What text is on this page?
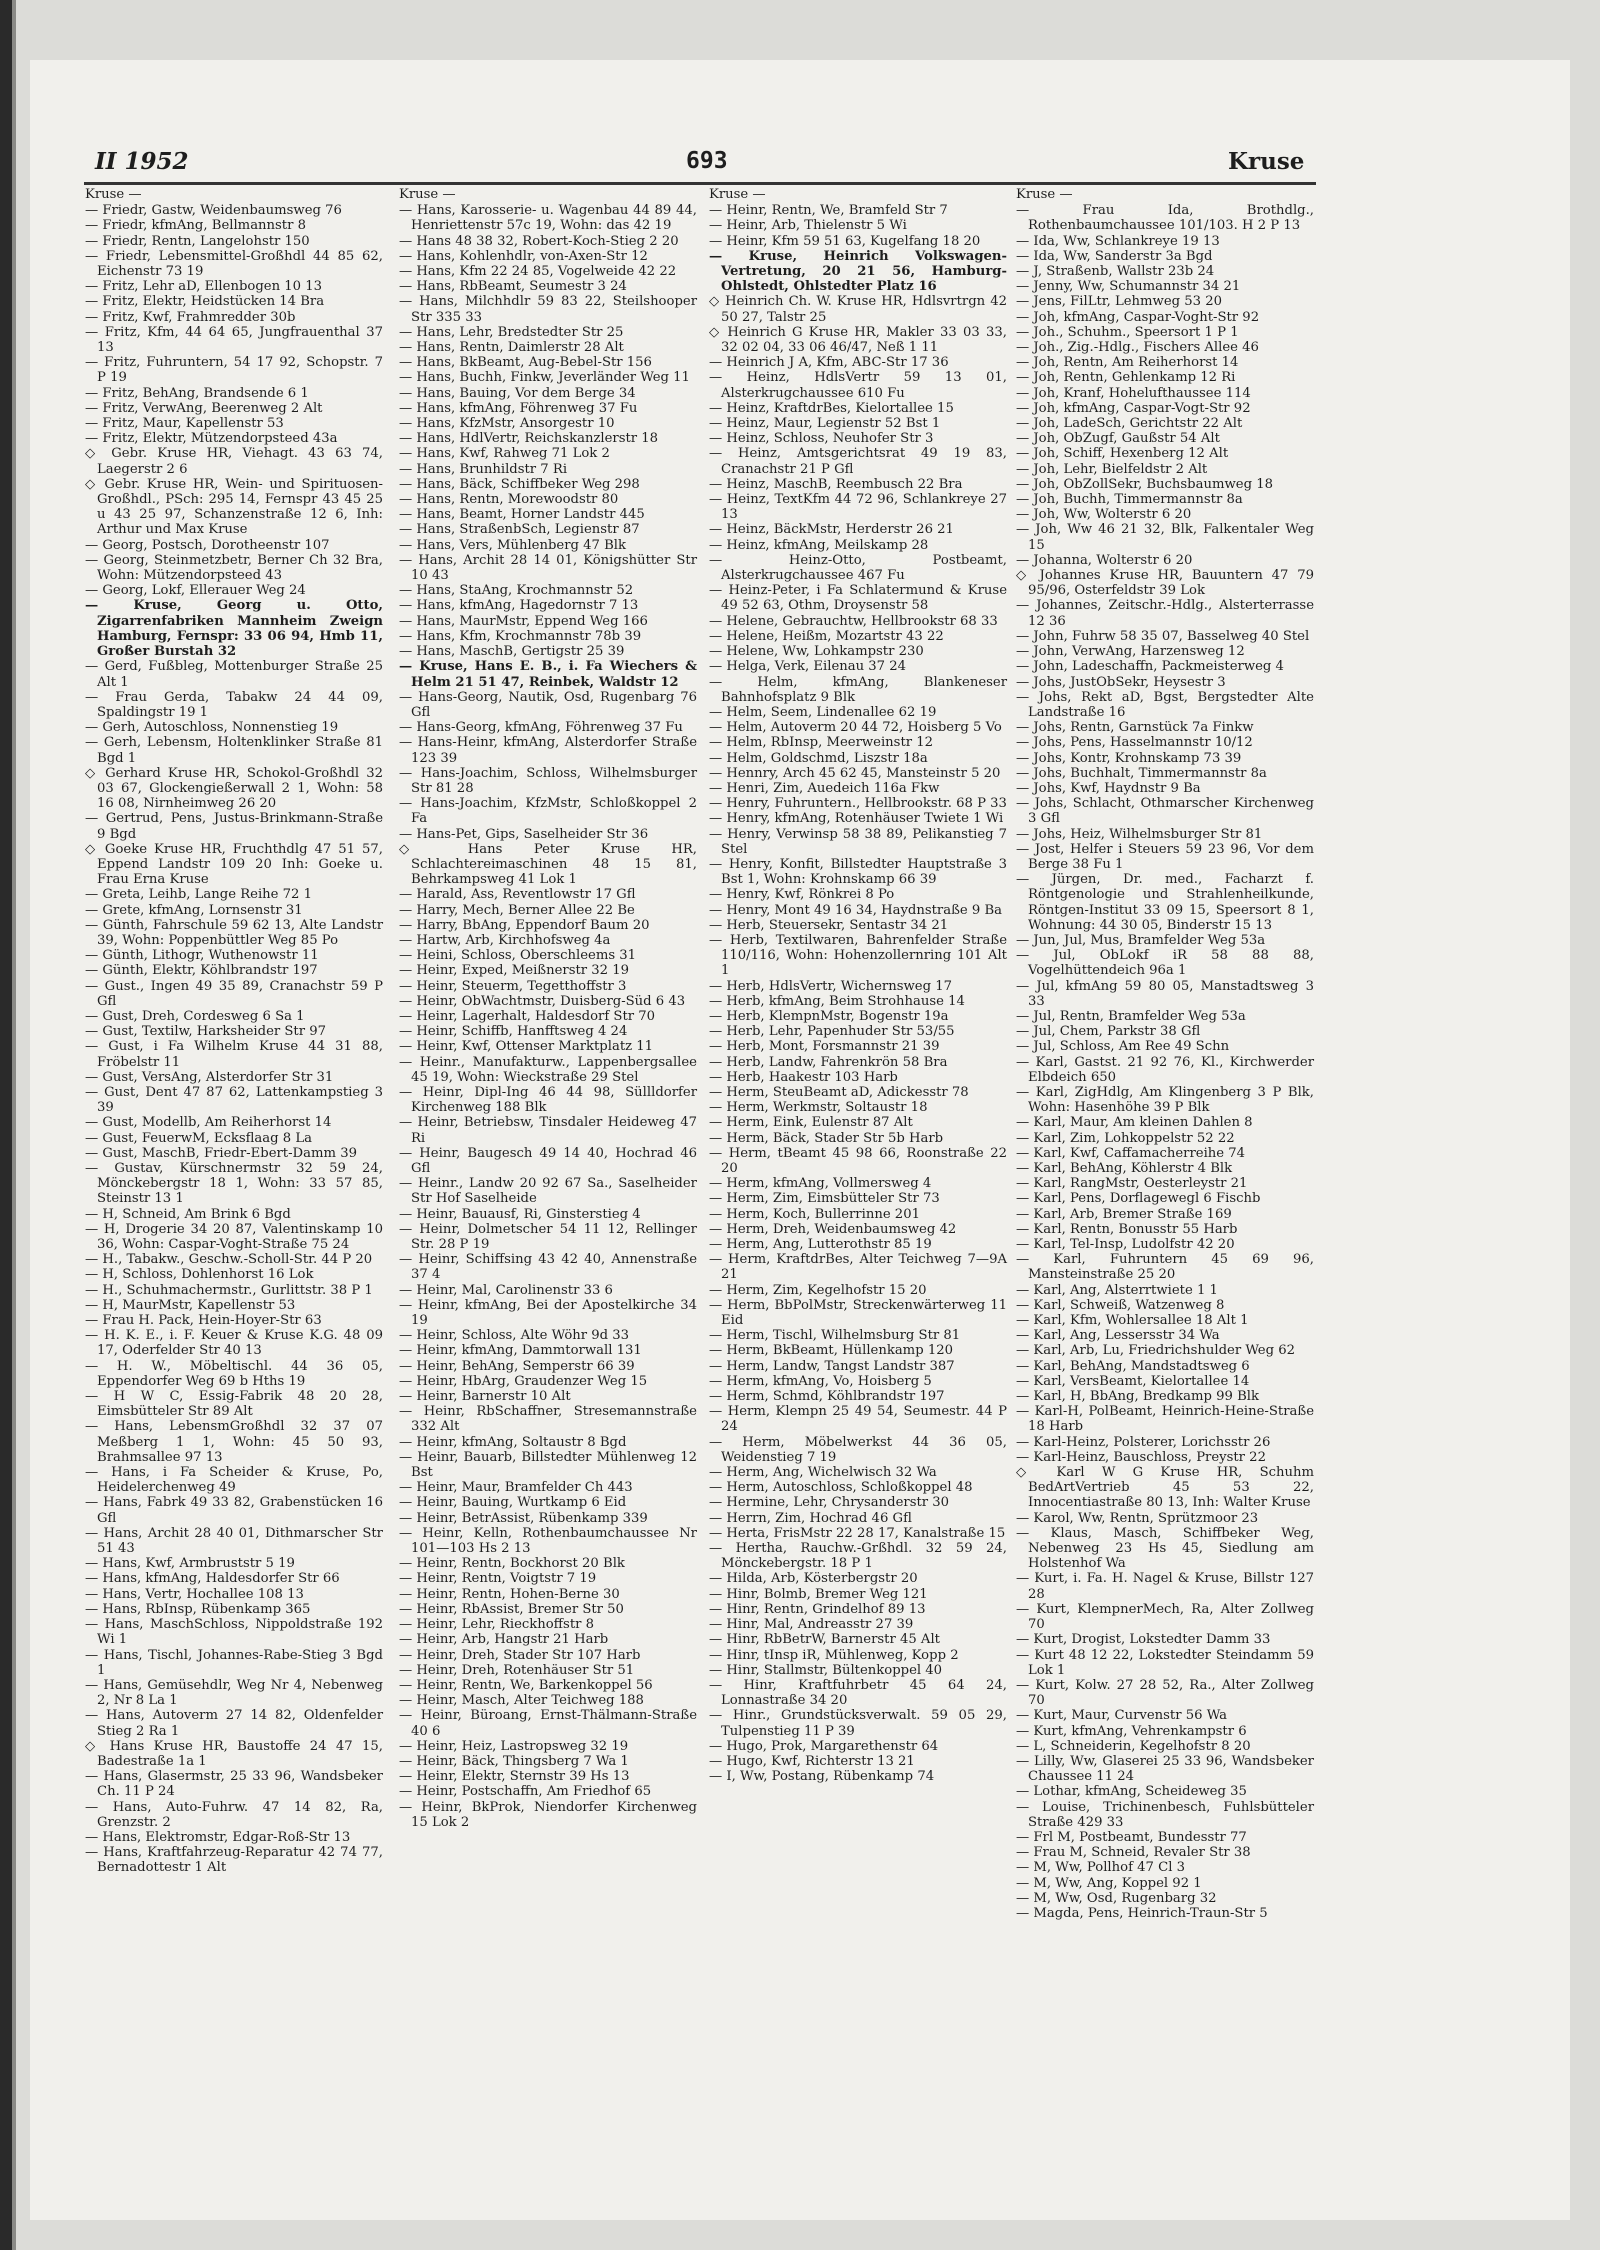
II 1952	693	Kruse
Kruse —
— Friedr, Gastw, Weidenbaumsweg 76
— Friedr, kfmAng, Bellmannstr 8
— Friedr, Rentn, Langelohstr 150
— Friedr, Lebensmittel-Großhdl 44 85 62, Eichenstr 73 19
— Fritz, Lehr aD, Ellenbogen 10 13
— Fritz, Elektr, Heidstücken 14 Bra
— Fritz, Kwf, Frahmredder 30b
— Fritz, Kfm, 44 64 65, Jungfrauenthal 37 13
— Fritz, Fuhruntern, 54 17 92, Schopstr. 7 P 19
— Fritz, BehAng, Brandsende 6 1
— Fritz, VerwAng, Beerenweg 2 Alt
— Fritz, Maur, Kapellenstr 53
— Fritz, Elektr, Mützendorpsteed 43a
◇ Gebr. Kruse HR, Viehagt. 43 63 74, Laegerstr 2 6
◇ Gebr. Kruse HR, Wein- und Spirituosen-Großhdl., PSch: 295 14, Fernspr 43 45 25 u 43 25 97, Schanzenstraße 12 6, Inh: Arthur und Max Kruse
— Georg, Postsch, Dorotheenstr 107
— Georg, Steinmetzbetr, Berner Ch 32 Bra, Wohn: Mützendorpsteed 43
— Georg, Lokf, Ellerauer Weg 24
— Kruse, Georg u. Otto, Zigarrenfabriken Mannheim Zweign Hamburg, Fernspr: 33 06 94, Hmb 11, Großer Burstah 32
— Gerd, Fußbleg, Mottenburger Straße 25 Alt 1
— Frau Gerda, Tabakw 24 44 09, Spaldingstr 19 1
— Gerh, Autoschloss, Nonnenstieg 19
— Gerh, Lebensm, Holtenklinker Straße 81 Bgd 1
◇ Gerhard Kruse HR, Schokol-Großhdl 32 03 67, Glockengießerwall 2 1, Wohn: 58 16 08, Nirnheimweg 26 20
— Gertrud, Pens, Justus-Brinkmann-Straße 9 Bgd
◇ Goeke Kruse HR, Fruchthdlg 47 51 57, Eppend Landstr 109 20 Inh: Goeke u. Frau Erna Kruse
— Greta, Leihb, Lange Reihe 72 1
— Grete, kfmAng, Lornsenstr 31
— Günth, Fahrschule 59 62 13, Alte Landstr 39, Wohn: Poppenbüttler Weg 85 Po
— Günth, Lithogr, Wuthenowstr 11
— Günth, Elektr, Köhlbrandstr 197
— Gust., Ingen 49 35 89, Cranachstr 59 P Gfl
— Gust, Dreh, Cordesweg 6 Sa 1
— Gust, Textilw, Harksheider Str 97
— Gust, i Fa Wilhelm Kruse 44 31 88, Fröbelstr 11
— Gust, VersAng, Alsterdorfer Str 31
— Gust, Dent 47 87 62, Lattenkampstieg 3 39
— Gust, Modellb, Am Reiherhorst 14
— Gust, FeuerwM, Ecksflaag 8 La
— Gust, MaschB, Friedr-Ebert-Damm 39
— Gustav, Kürschnermstr 32 59 24, Mönckebergstr 18 1, Wohn: 33 57 85, Steinstr 13 1
— H, Schneid, Am Brink 6 Bgd
— H, Drogerie 34 20 87, Valentinskamp 10 36, Wohn: Caspar-Voght-Straße 75 24
— H., Tabakw., Geschw.-Scholl-Str. 44 P 20
— H, Schloss, Dohlenhorst 16 Lok
— H., Schuhmachermstr., Gurlittstr. 38 P 1
— H, MaurMstr, Kapellenstr 53
— Frau H. Pack, Hein-Hoyer-Str 63
— H. K. E., i. F. Keuer & Kruse K.G. 48 09 17, Oderfelder Str 40 13
— H. W., Möbeltischl. 44 36 05, Eppendorfer Weg 69 b Hths 19
— H W C, Essig-Fabrik 48 20 28, Eimsbütteler Str 89 Alt
— Hans, LebensmGroßhdl 32 37 07 Meßberg 1 1, Wohn: 45 50 93, Brahmsallee 97 13
— Hans, i Fa Scheider & Kruse, Po, Heidelerchenweg 49
— Hans, Fabrk 49 33 82, Grabenstücken 16 Gfl
— Hans, Archit 28 40 01, Dithmarscher Str 51 43
— Hans, Kwf, Armbruststr 5 19
— Hans, kfmAng, Haldesdorfer Str 66
— Hans, Vertr, Hochallee 108 13
— Hans, RbInsp, Rübenkamp 365
— Hans, MaschSchloss, Nippoldstraße 192 Wi 1
— Hans, Tischl, Johannes-Rabe-Stieg 3 Bgd 1
— Hans, Gemüsehdlr, Weg Nr 4, Nebenweg 2, Nr 8 La 1
— Hans, Autoverm 27 14 82, Oldenfelder Stieg 2 Ra 1
◇ Hans Kruse HR, Baustoffe 24 47 15, Badestraße 1a 1
— Hans, Glasermstr, 25 33 96, Wandsbeker Ch. 11 P 24
— Hans, Auto-Fuhrw. 47 14 82, Ra, Grenzstr. 2
— Hans, Elektromstr, Edgar-Roß-Str 13
— Hans, Kraftfahrzeug-Reparatur 42 74 77, Bernadottestr 1 Alt
Kruse —
— Hans, Karosserie- u. Wagenbau 44 89 44, Henriettenstr 57c 19, Wohn: das 42 19
— Hans 48 38 32, Robert-Koch-Stieg 2 20
— Hans, Kohlenhdlr, von-Axen-Str 12
— Hans, Kfm 22 24 85, Vogelweide 42 22
— Hans, RbBeamt, Seumestr 3 24
— Hans, Milchhdlr 59 83 22, Steilshooper Str 335 33
— Hans, Lehr, Bredstedter Str 25
— Hans, Rentn, Daimlerstr 28 Alt
— Hans, BkBeamt, Aug-Bebel-Str 156
— Hans, Buchh, Finkw, Jeverländer Weg 11
— Hans, Bauing, Vor dem Berge 34
— Hans, kfmAng, Föhrenweg 37 Fu
— Hans, KfzMstr, Ansorgestr 10
— Hans, HdlVertr, Reichskanzlerstr 18
— Hans, Kwf, Rahweg 71 Lok 2
— Hans, Brunhildstr 7 Ri
— Hans, Bäck, Schiffbeker Weg 298
— Hans, Rentn, Morewoodstr 80
— Hans, Beamt, Horner Landstr 445
— Hans, StraßenbSch, Legienstr 87
— Hans, Vers, Mühlenberg 47 Blk
— Hans, Archit 28 14 01, Königshütter Str 10 43
— Hans, StaAng, Krochmannstr 52
— Hans, kfmAng, Hagedornstr 7 13
— Hans, MaurMstr, Eppend Weg 166
— Hans, Kfm, Krochmannstr 78b 39
— Hans, MaschB, Gertigstr 25 39
— Kruse, Hans E. B., i. Fa Wiechers & Helm 21 51 47, Reinbek, Waldstr 12
— Hans-Georg, Nautik, Osd, Rugenbarg 76 Gfl
— Hans-Georg, kfmAng, Föhrenweg 37 Fu
— Hans-Heinr, kfmAng, Alsterdorfer Straße 123 39
— Hans-Joachim, Schloss, Wilhelmsburger Str 81 28
— Hans-Joachim, KfzMstr, Schloßkoppel 2 Fa
— Hans-Pet, Gips, Saselheider Str 36
◇ Hans Peter Kruse HR, Schlachtereimaschinen 48 15 81, Behrkampsweg 41 Lok 1
— Harald, Ass, Reventlowstr 17 Gfl
— Harry, Mech, Berner Allee 22 Be
— Harry, BbAng, Eppendorf Baum 20
— Hartw, Arb, Kirchhofsweg 4a
— Heini, Schloss, Oberschleems 31
— Heinr, Exped, Meißnerstr 32 19
— Heinr, Steuerm, Tegetthoffstr 3
— Heinr, ObWachtmstr, Duisberg-Süd 6 43
— Heinr, Lagerhalt, Haldesdorf Str 70
— Heinr, Schiffb, Hanfftsweg 4 24
— Heinr, Kwf, Ottenser Marktplatz 11
— Heinr., Manufakturw., Lappenbergsallee 45 19, Wohn: Wieckstraße 29 Stel
— Heinr, Dipl-Ing 46 44 98, Süllldorfer Kirchenweg 188 Blk
— Heinr, Betriebsw, Tinsdaler Heideweg 47 Ri
— Heinr, Baugesch 49 14 40, Hochrad 46 Gfl
— Heinr., Landw 20 92 67 Sa., Saselheider Str Hof Saselheide
— Heinr, Bauausf, Ri, Ginsterstieg 4
— Heinr, Dolmetscher 54 11 12, Rellinger Str. 28 P 19
— Heinr, Schiffsing 43 42 40, Annenstraße 37 4
— Heinr, Mal, Carolinenstr 33 6
— Heinr, kfmAng, Bei der Apostelkirche 34 19
— Heinr, Schloss, Alte Wöhr 9d 33
— Heinr, kfmAng, Dammtorwall 131
— Heinr, BehAng, Semperstr 66 39
— Heinr, HbArg, Graudenzer Weg 15
— Heinr, Barnerstr 10 Alt
— Heinr, RbSchaffner, Stresemannstraße 332 Alt
— Heinr, kfmAng, Soltaustr 8 Bgd
— Heinr, Bauarb, Billstedter Mühlenweg 12 Bst
— Heinr, Maur, Bramfelder Ch 443
— Heinr, Bauing, Wurtkamp 6 Eid
— Heinr, BetrAssist, Rübenkamp 339
— Heinr, Kelln, Rothenbaumchaussee Nr 101—103 Hs 2 13
— Heinr, Rentn, Bockhorst 20 Blk
— Heinr, Rentn, Voigtstr 7 19
— Heinr, Rentn, Hohen-Berne 30
— Heinr, RbAssist, Bremer Str 50
— Heinr, Lehr, Rieckhoffstr 8
— Heinr, Arb, Hangstr 21 Harb
— Heinr, Dreh, Stader Str 107 Harb
— Heinr, Dreh, Rotenhäuser Str 51
— Heinr, Rentn, We, Barkenkoppel 56
— Heinr, Masch, Alter Teichweg 188
— Heinr, Büroang, Ernst-Thälmann-Straße 40 6
— Heinr, Heiz, Lastropsweg 32 19
— Heinr, Bäck, Thingsberg 7 Wa 1
— Heinr, Elektr, Sternstr 39 Hs 13
— Heinr, Postschaffn, Am Friedhof 65
— Heinr, BkProk, Niendorfer Kirchenweg 15 Lok 2
Kruse —
— Heinr, Rentn, We, Bramfeld Str 7
— Heinr, Arb, Thielenstr 5 Wi
— Heinr, Kfm 59 51 63, Kugelfang 18 20
— Kruse, Heinrich Volkswagen-Vertretung, 20 21 56, Hamburg-Ohlstedt, Ohlstedter Platz 16
◇ Heinrich Ch. W. Kruse HR, Hdlsvrtrgn 42 50 27, Talstr 25
◇ Heinrich G Kruse HR, Makler 33 03 33, 32 02 04, 33 06 46/47, Neß 1 11
— Heinrich J A, Kfm, ABC-Str 17 36
— Heinz, HdlsVertr 59 13 01, Alsterkrugchaussee 610 Fu
— Heinz, KraftdrBes, Kielortallee 15
— Heinz, Maur, Legienstr 52 Bst 1
— Heinz, Schloss, Neuhofer Str 3
— Heinz, Amtsgerichtsrat 49 19 83, Cranachstr 21 P Gfl
— Heinz, MaschB, Reembusch 22 Bra
— Heinz, TextKfm 44 72 96, Schlankreye 27 13
— Heinz, BäckMstr, Herderstr 26 21
— Heinz, kfmAng, Meilskamp 28
— Heinz-Otto, Postbeamt, Alsterkrugchaussee 467 Fu
— Heinz-Peter, i Fa Schlatermund & Kruse 49 52 63, Othm, Droysenstr 58
— Helene, Gebrauchtw, Hellbrookstr 68 33
— Helene, Heißm, Mozartstr 43 22
— Helene, Ww, Lohkampstr 230
— Helga, Verk, Eilenau 37 24
— Helm, kfmAng, Blankeneser Bahnhofsplatz 9 Blk
— Helm, Seem, Lindenallee 62 19
— Helm, Autoverm 20 44 72, Hoisberg 5 Vo
— Helm, RbInsp, Meerweinstr 12
— Helm, Goldschmd, Liszstr 18a
— Hennry, Arch 45 62 45, Mansteinstr 5 20
— Henri, Zim, Auedeich 116a Fkw
— Henry, Fuhruntern., Hellbrookstr. 68 P 33
— Henry, kfmAng, Rotenhäuser Twiete 1 Wi
— Henry, Verwinsp 58 38 89, Pelikanstieg 7 Stel
— Henry, Konfit, Billstedter Hauptstraße 3 Bst 1, Wohn: Krohnskamp 66 39
— Henry, Kwf, Rönkrei 8 Po
— Henry, Mont 49 16 34, Haydnstraße 9 Ba
— Herb, Steuersekr, Sentastr 34 21
— Herb, Textilwaren, Bahrenfelder Straße 110/116, Wohn: Hohenzollernring 101 Alt 1
— Herb, HdlsVertr, Wichernsweg 17
— Herb, kfmAng, Beim Strohhause 14
— Herb, KlempnMstr, Bogenstr 19a
— Herb, Lehr, Papenhuder Str 53/55
— Herb, Mont, Forsmannstr 21 39
— Herb, Landw, Fahrenkrön 58 Bra
— Herb, Haakestr 103 Harb
— Herm, SteuBeamt aD, Adickesstr 78
— Herm, Werkmstr, Soltaustr 18
— Herm, Eink, Eulenstr 87 Alt
— Herm, Bäck, Stader Str 5b Harb
— Herm, tBeamt 45 98 66, Roonstraße 22 20
— Herm, kfmAng, Vollmersweg 4
— Herm, Zim, Eimsbütteler Str 73
— Herm, Koch, Bullerrinne 201
— Herm, Dreh, Weidenbaumsweg 42
— Herm, Ang, Lutterothstr 85 19
— Herm, KraftdrBes, Alter Teichweg 7—9A 21
— Herm, Zim, Kegelhofstr 15 20
— Herm, BbPolMstr, Streckenwärterweg 11 Eid
— Herm, Tischl, Wilhelmsburg Str 81
— Herm, BkBeamt, Hüllenkamp 120
— Herm, Landw, Tangst Landstr 387
— Herm, kfmAng, Vo, Hoisberg 5
— Herm, Schmd, Köhlbrandstr 197
— Herm, Klempn 25 49 54, Seumestr. 44 P 24
— Herm, Möbelwerkst 44 36 05, Weidenstieg 7 19
— Herm, Ang, Wichelwisch 32 Wa
— Herm, Autoschloss, Schloßkoppel 48
— Hermine, Lehr, Chrysanderstr 30
— Herrn, Zim, Hochrad 46 Gfl
— Herta, FrisMstr 22 28 17, Kanalstraße 15
— Hertha, Rauchw.-Grßhdl. 32 59 24, Mönckebergstr. 18 P 1
— Hilda, Arb, Kösterbergstr 20
— Hinr, Bolmb, Bremer Weg 121
— Hinr, Rentn, Grindelhof 89 13
— Hinr, Mal, Andreasstr 27 39
— Hinr, RbBetrW, Barnerstr 45 Alt
— Hinr, tInsp iR, Mühlenweg, Kopp 2
— Hinr, Stallmstr, Bültenkoppel 40
— Hinr, Kraftfuhrbetr 45 64 24, Lonnastraße 34 20
— Hinr., Grundstücksverwalt. 59 05 29, Tulpenstieg 11 P 39
— Hugo, Prok, Margarethenstr 64
— Hugo, Kwf, Richterstr 13 21
— I, Ww, Postang, Rübenkamp 74
Kruse —
— Frau Ida, Brothdlg., Rothenbaumchaussee 101/103. H 2 P 13
— Ida, Ww, Schlankreye 19 13
— Ida, Ww, Sanderstr 3a Bgd
— J, Straßenb, Wallstr 23b 24
— Jenny, Ww, Schumannstr 34 21
— Jens, FilLtr, Lehmweg 53 20
— Joh, kfmAng, Caspar-Voght-Str 92
— Joh., Schuhm., Speersort 1 P 1
— Joh., Zig.-Hdlg., Fischers Allee 46
— Joh, Rentn, Am Reiherhorst 14
— Joh, Rentn, Gehlenkamp 12 Ri
— Joh, Kranf, Hohelufthaussee 114
— Joh, kfmAng, Caspar-Vogt-Str 92
— Joh, LadeSch, Gerichtstr 22 Alt
— Joh, ObZugf, Gaußstr 54 Alt
— Joh, Schiff, Hexenberg 12 Alt
— Joh, Lehr, Bielfeldstr 2 Alt
— Joh, ObZollSekr, Buchsbaumweg 18
— Joh, Buchh, Timmermannstr 8a
— Joh, Ww, Wolterstr 6 20
— Joh, Ww 46 21 32, Blk, Falkentaler Weg 15
— Johanna, Wolterstr 6 20
◇ Johannes Kruse HR, Bauuntern 47 79 95/96, Osterfeldstr 39 Lok
— Johannes, Zeitschr.-Hdlg., Alsterterrasse 12 36
— John, Fuhrw 58 35 07, Basselweg 40 Stel
— John, VerwAng, Harzensweg 12
— John, Ladeschaffn, Packmeisterweg 4
— Johs, JustObSekr, Heysestr 3
— Johs, Rekt aD, Bgst, Bergstedter Alte Landstraße 16
— Johs, Rentn, Garnstück 7a Finkw
— Johs, Pens, Hasselmannstr 10/12
— Johs, Kontr, Krohnskamp 73 39
— Johs, Buchhalt, Timmermannstr 8a
— Johs, Kwf, Haydnstr 9 Ba
— Johs, Schlacht, Othmarscher Kirchenweg 3 Gfl
— Johs, Heiz, Wilhelmsburger Str 81
— Jost, Helfer i Steuers 59 23 96, Vor dem Berge 38 Fu 1
— Jürgen, Dr. med., Facharzt f. Röntgenologie und Strahlenheilkunde, Röntgen-Institut 33 09 15, Speersort 8 1, Wohnung: 44 30 05, Binderstr 15 13
— Jun, Jul, Mus, Bramfelder Weg 53a
— Jul, ObLokf iR 58 88 88, Vogelhüttendeich 96a 1
— Jul, kfmAng 59 80 05, Manstadtsweg 3 33
— Jul, Rentn, Bramfelder Weg 53a
— Jul, Chem, Parkstr 38 Gfl
— Jul, Schloss, Am Ree 49 Schn
— Karl, Gastst. 21 92 76, Kl., Kirchwerder Elbdeich 650
— Karl, ZigHdlg, Am Klingenberg 3 P Blk, Wohn: Hasenhöhe 39 P Blk
— Karl, Maur, Am kleinen Dahlen 8
— Karl, Zim, Lohkoppelstr 52 22
— Karl, Kwf, Caffamacherreihe 74
— Karl, BehAng, Köhlerstr 4 Blk
— Karl, RangMstr, Oesterleystr 21
— Karl, Pens, Dorflagewegl 6 Fischb
— Karl, Arb, Bremer Straße 169
— Karl, Rentn, Bonusstr 55 Harb
— Karl, Tel-Insp, Ludolfstr 42 20
— Karl, Fuhruntern 45 69 96, Mansteinstraße 25 20
— Karl, Ang, Alsterrtwiete 1 1
— Karl, Schweiß, Watzenweg 8
— Karl, Kfm, Wohlersallee 18 Alt 1
— Karl, Ang, Lessersstr 34 Wa
— Karl, Arb, Lu, Friedrichshulder Weg 62
— Karl, BehAng, Mandstadtsweg 6
— Karl, VersBeamt, Kielortallee 14
— Karl, H, BbAng, Bredkamp 99 Blk
— Karl-H, PolBeamt, Heinrich-Heine-Straße 18 Harb
— Karl-Heinz, Polsterer, Lorichsstr 26
— Karl-Heinz, Bauschloss, Preystr 22
◇ Karl W G Kruse HR, Schuhm BedArtVertrieb 45 53 22, Innocentiastraße 80 13, Inh: Walter Kruse
— Karol, Ww, Rentn, Sprützmoor 23
— Klaus, Masch, Schiffbeker Weg, Nebenweg 23 Hs 45, Siedlung am Holstenhof Wa
— Kurt, i. Fa. H. Nagel & Kruse, Billstr 127 28
— Kurt, KlempnerMech, Ra, Alter Zollweg 70
— Kurt, Drogist, Lokstedter Damm 33
— Kurt 48 12 22, Lokstedter Steindamm 59 Lok 1
— Kurt, Kolw. 27 28 52, Ra., Alter Zollweg 70
— Kurt, Maur, Curvenstr 56 Wa
— Kurt, kfmAng, Vehrenkampstr 6
— L, Schneiderin, Kegelhofstr 8 20
— Lilly, Ww, Glaserei 25 33 96, Wandsbeker Chaussee 11 24
— Lothar, kfmAng, Scheideweg 35
— Louise, Trichinenbesch, Fuhlsbütteler Straße 429 33
— Frl M, Postbeamt, Bundesstr 77
— Frau M, Schneid, Revaler Str 38
— M, Ww, Pollhof 47 Cl 3
— M, Ww, Ang, Koppel 92 1
— M, Ww, Osd, Rugenbarg 32
— Magda, Pens, Heinrich-Traun-Str 5
